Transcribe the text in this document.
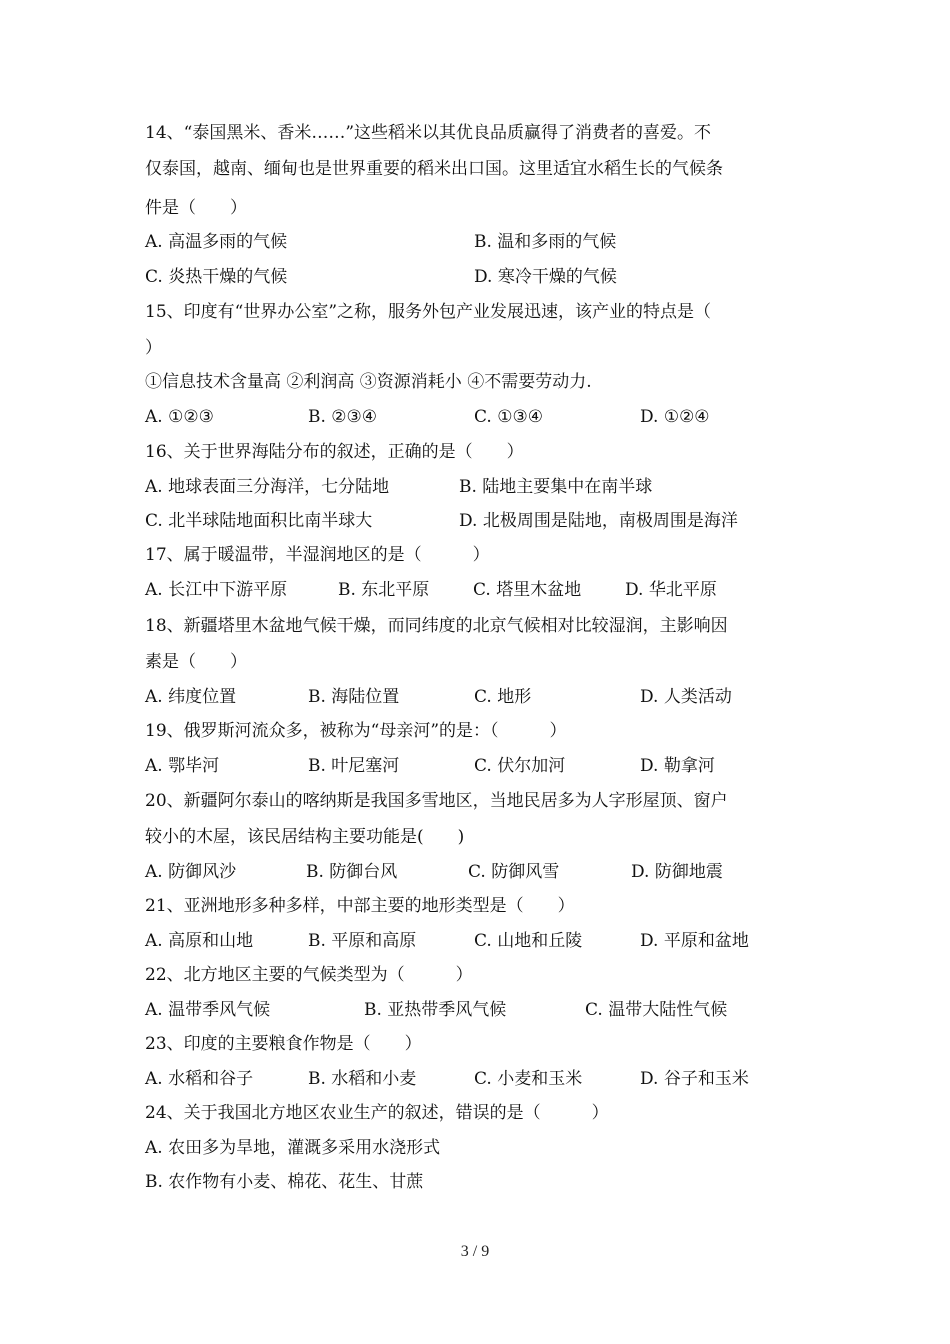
14、“泰国黑米、香米……”这些稻米以其优良品质赢得了消费者的喜爱。不
仅泰国，越南、缅甸也是世界重要的稻米出口国。这里适宜水稻生长的气候条
件是（　　）
A. 高温多雨的气候	B. 温和多雨的气候
C. 炎热干燥的气候	D. 寒冷干燥的气候
15、印度有“世界办公室”之称，服务外包产业发展迅速，该产业的特点是（
）
①信息技术含量高 ②利润高 ③资源消耗小 ④不需要劳动力.
A. ①②③	B. ②③④	C. ①③④	D. ①②④
16、关于世界海陆分布的叙述，正确的是（　　）
A. 地球表面三分海洋，七分陆地	B. 陆地主要集中在南半球
C. 北半球陆地面积比南半球大	D. 北极周围是陆地，南极周围是海洋
17、属于暖温带，半湿润地区的是（　　　）
A. 长江中下游平原	B. 东北平原	C. 塔里木盆地	D. 华北平原
18、新疆塔里木盆地气候干燥，而同纬度的北京气候相对比较湿润，主影响因
素是（　　）
A. 纬度位置	B. 海陆位置	C. 地形	D. 人类活动
19、俄罗斯河流众多，被称为“母亲河”的是：（　　　）
A. 鄂毕河	B. 叶尼塞河	C. 伏尔加河	D. 勒拿河
20、新疆阿尔泰山的喀纳斯是我国多雪地区，当地民居多为人字形屋顶、窗户
较小的木屋，该民居结构主要功能是(　　)
A. 防御风沙	B. 防御台风	C. 防御风雪	D. 防御地震
21、亚洲地形多种多样，中部主要的地形类型是（　　）
A. 高原和山地	B. 平原和高原	C. 山地和丘陵	D. 平原和盆地
22、北方地区主要的气候类型为（　　　）
A. 温带季风气候	B. 亚热带季风气候	C. 温带大陆性气候
23、印度的主要粮食作物是（　　）
A. 水稻和谷子	B. 水稻和小麦	C. 小麦和玉米	D. 谷子和玉米
24、关于我国北方地区农业生产的叙述，错误的是（　　　）
A. 农田多为旱地，灌溉多采用水浇形式
B. 农作物有小麦、棉花、花生、甘蔗
3 / 9
